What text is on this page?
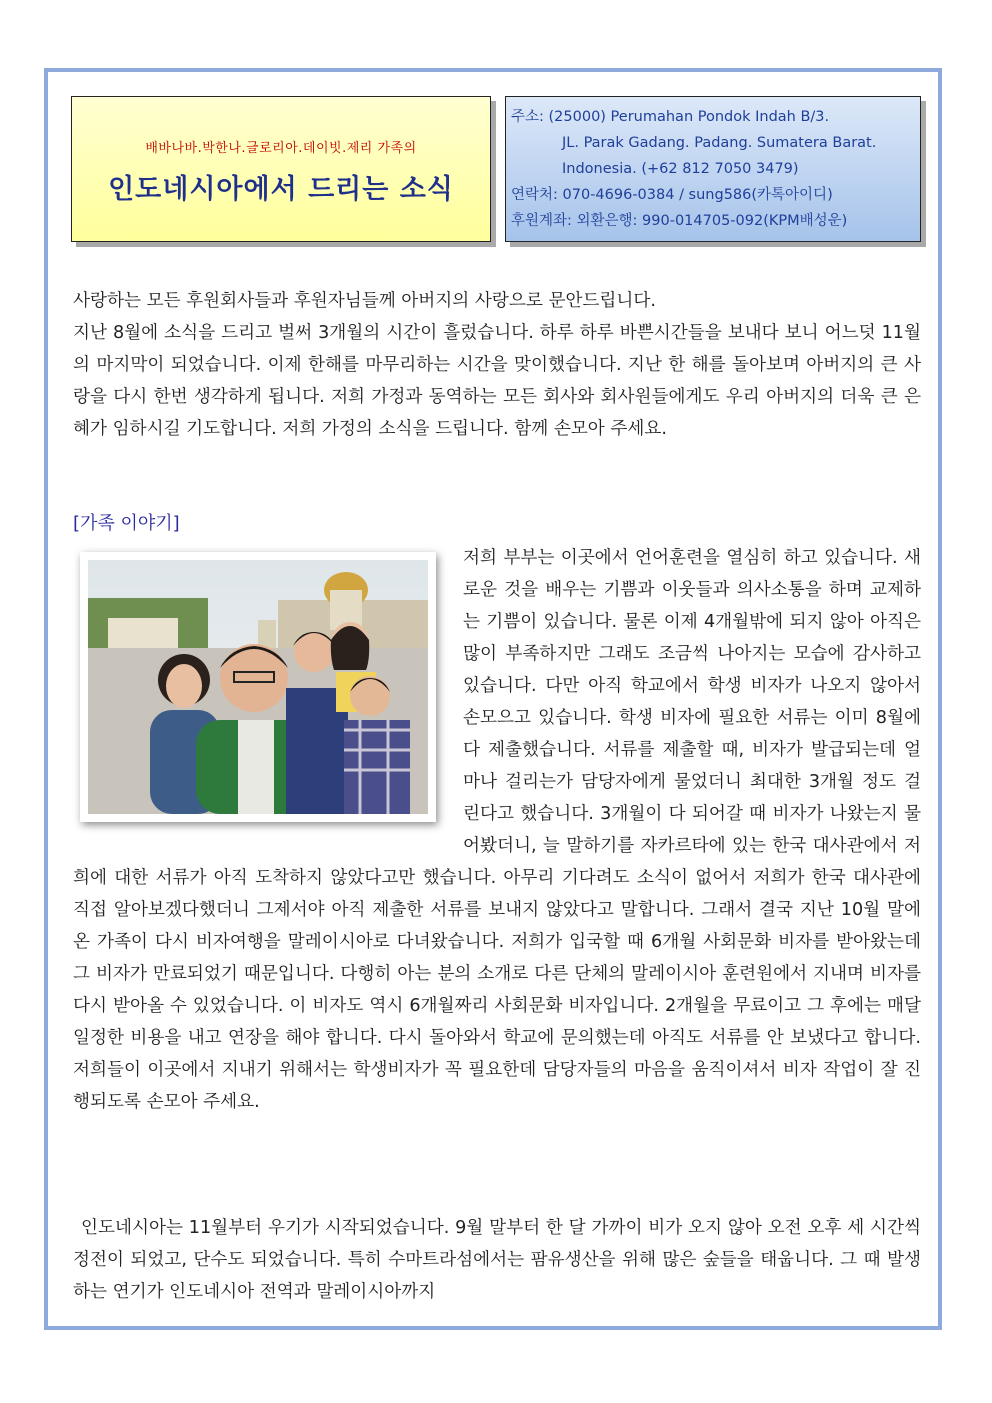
배바나바.박한나.글로리아.데이빗.제리 가족의
인도네시아에서 드리는 소식
주소: (25000) Perumahan Pondok Indah B/3.
JL. Parak Gadang. Padang. Sumatera Barat.
Indonesia. (+62 812 7050 3479)
연락처: 070-4696-0384 / sung586(카톡아이디)
후원계좌: 외환은행: 990-014705-092(KPM배성운)

사랑하는 모든 후원회사들과 후원자님들께 아버지의 사랑으로 문안드립니다.

지난 8월에 소식을 드리고 벌써 3개월의 시간이 흘렀습니다. 하루 하루 바쁜시간들을 보내다 보니 어느덧 11월의 마지막이 되었습니다. 이제 한해를 마무리하는 시간을 맞이했습니다. 지난 한 해를 돌아보며 아버지의 큰 사랑을 다시 한번 생각하게 됩니다. 저희 가정과 동역하는 모든 회사와 회사원들에게도 우리 아버지의 더욱 큰 은혜가 임하시길 기도합니다. 저희 가정의 소식을 드립니다. 함께 손모아 주세요.

[가족 이야기]

저희 부부는 이곳에서 언어훈련을 열심히 하고 있습니다. 새로운 것을 배우는 기쁨과 이웃들과 의사소통을 하며 교제하는 기쁨이 있습니다. 물론 이제 4개월밖에 되지 않아 아직은 많이 부족하지만 그래도 조금씩 나아지는 모습에 감사하고 있습니다. 다만 아직 학교에서 학생 비자가 나오지 않아서 손모으고 있습니다. 학생 비자에 필요한 서류는 이미 8월에 다 제출했습니다. 서류를 제출할 때, 비자가 발급되는데 얼마나 걸리는가 담당자에게 물었더니 최대한 3개월 정도 걸린다고 했습니다. 3개월이 다 되어갈 때 비자가 나왔는지 물어봤더니, 늘 말하기를 자카르타에 있는 한국 대사관에서 저희에 대한 서류가 아직 도착하지 않았다고만 했습니다. 아무리 기다려도 소식이 없어서 저희가 한국 대사관에 직접 알아보겠다했더니 그제서야 아직 제출한 서류를 보내지 않았다고 말합니다. 그래서 결국 지난 10월 말에 온 가족이 다시 비자여행을 말레이시아로 다녀왔습니다. 저희가 입국할 때 6개월 사회문화 비자를 받아왔는데 그 비자가 만료되었기 때문입니다. 다행히 아는 분의 소개로 다른 단체의 말레이시아 훈련원에서 지내며 비자를 다시 받아올 수 있었습니다. 이 비자도 역시 6개월짜리 사회문화 비자입니다. 2개월을 무료이고 그 후에는 매달 일정한 비용을 내고 연장을 해야 합니다. 다시 돌아와서 학교에 문의했는데 아직도 서류를 안 보냈다고 합니다. 저희들이 이곳에서 지내기 위해서는 학생비자가 꼭 필요한데 담당자들의 마음을 움직이셔서 비자 작업이 잘 진행되도록 손모아 주세요.

인도네시아는 11월부터 우기가 시작되었습니다. 9월 말부터 한 달 가까이 비가 오지 않아 오전 오후 세 시간씩 정전이 되었고, 단수도 되었습니다. 특히 수마트라섬에서는 팜유생산을 위해 많은 숲들을 태웁니다. 그 때 발생하는 연기가 인도네시아 전역과 말레이시아까지
